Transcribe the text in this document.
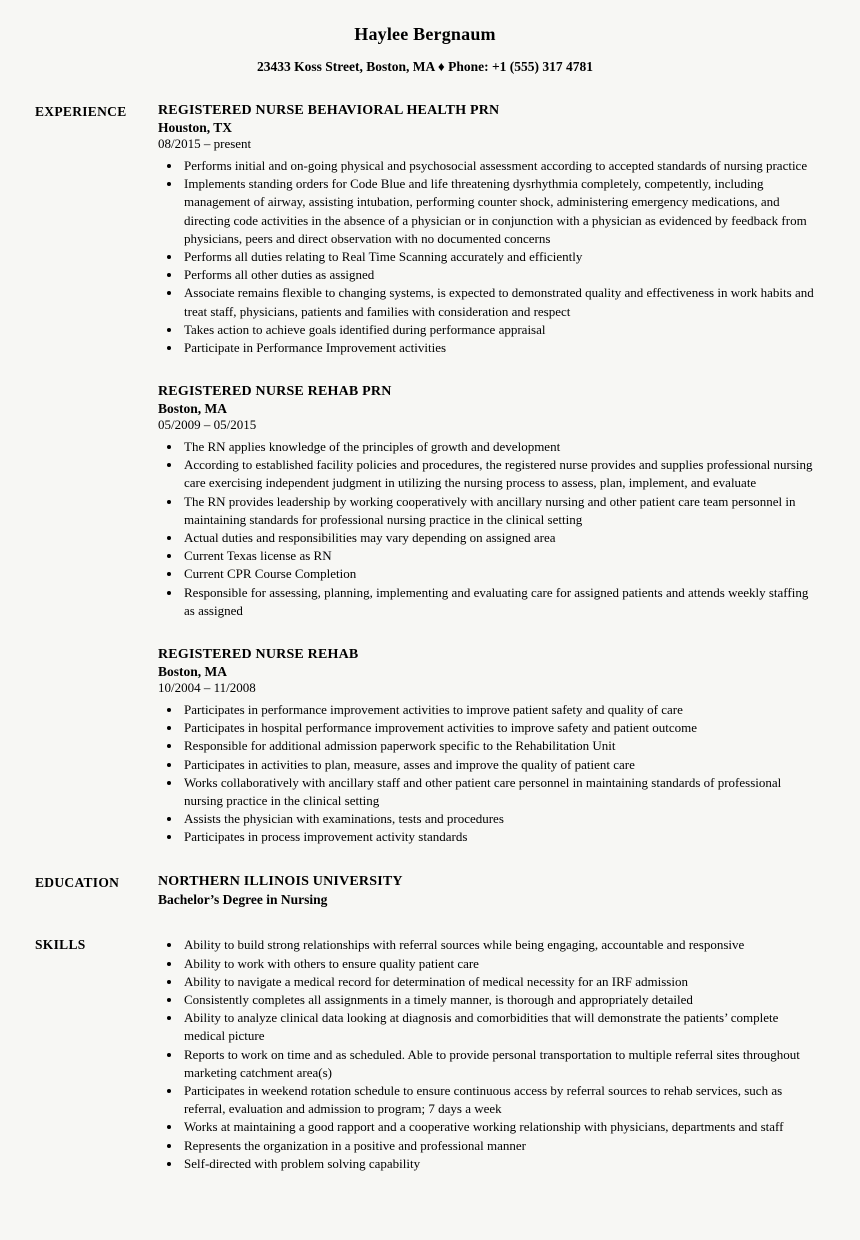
Haylee Bergnaum
23433 Koss Street, Boston, MA ♦ Phone: +1 (555) 317 4781
EXPERIENCE	REGISTERED NURSE BEHAVIORAL HEALTH PRN
Houston, TX
08/2015 – present
• Performs initial and on-going physical and psychosocial assessment according to accepted standards of nursing practice
• Implements standing orders for Code Blue and life threatening dysrhythmia completely, competently, including management of airway, assisting intubation, performing counter shock, administering emergency medications, and directing code activities in the absence of a physician or in conjunction with a physician as evidenced by feedback from physicians, peers and direct observation with no documented concerns
• Performs all duties relating to Real Time Scanning accurately and efficiently
• Performs all other duties as assigned
• Associate remains flexible to changing systems, is expected to demonstrated quality and effectiveness in work habits and treat staff, physicians, patients and families with consideration and respect
• Takes action to achieve goals identified during performance appraisal
• Participate in Performance Improvement activities
REGISTERED NURSE REHAB PRN
Boston, MA
05/2009 – 05/2015
• The RN applies knowledge of the principles of growth and development
• According to established facility policies and procedures, the registered nurse provides and supplies professional nursing care exercising independent judgment in utilizing the nursing process to assess, plan, implement, and evaluate
• The RN provides leadership by working cooperatively with ancillary nursing and other patient care team personnel in maintaining standards for professional nursing practice in the clinical setting
• Actual duties and responsibilities may vary depending on assigned area
• Current Texas license as RN
• Current CPR Course Completion
• Responsible for assessing, planning, implementing and evaluating care for assigned patients and attends weekly staffing as assigned
REGISTERED NURSE REHAB
Boston, MA
10/2004 – 11/2008
• Participates in performance improvement activities to improve patient safety and quality of care
• Participates in hospital performance improvement activities to improve safety and patient outcome
• Responsible for additional admission paperwork specific to the Rehabilitation Unit
• Participates in activities to plan, measure, asses and improve the quality of patient care
• Works collaboratively with ancillary staff and other patient care personnel in maintaining standards of professional nursing practice in the clinical setting
• Assists the physician with examinations, tests and procedures
• Participates in process improvement activity standards
EDUCATION	NORTHERN ILLINOIS UNIVERSITY
Bachelor’s Degree in Nursing
SKILLS	• Ability to build strong relationships with referral sources while being engaging, accountable and responsive
• Ability to work with others to ensure quality patient care
• Ability to navigate a medical record for determination of medical necessity for an IRF admission
• Consistently completes all assignments in a timely manner, is thorough and appropriately detailed
• Ability to analyze clinical data looking at diagnosis and comorbidities that will demonstrate the patients’ complete medical picture
• Reports to work on time and as scheduled. Able to provide personal transportation to multiple referral sites throughout marketing catchment area(s)
• Participates in weekend rotation schedule to ensure continuous access by referral sources to rehab services, such as referral, evaluation and admission to program; 7 days a week
• Works at maintaining a good rapport and a cooperative working relationship with physicians, departments and staff
• Represents the organization in a positive and professional manner
• Self-directed with problem solving capability
